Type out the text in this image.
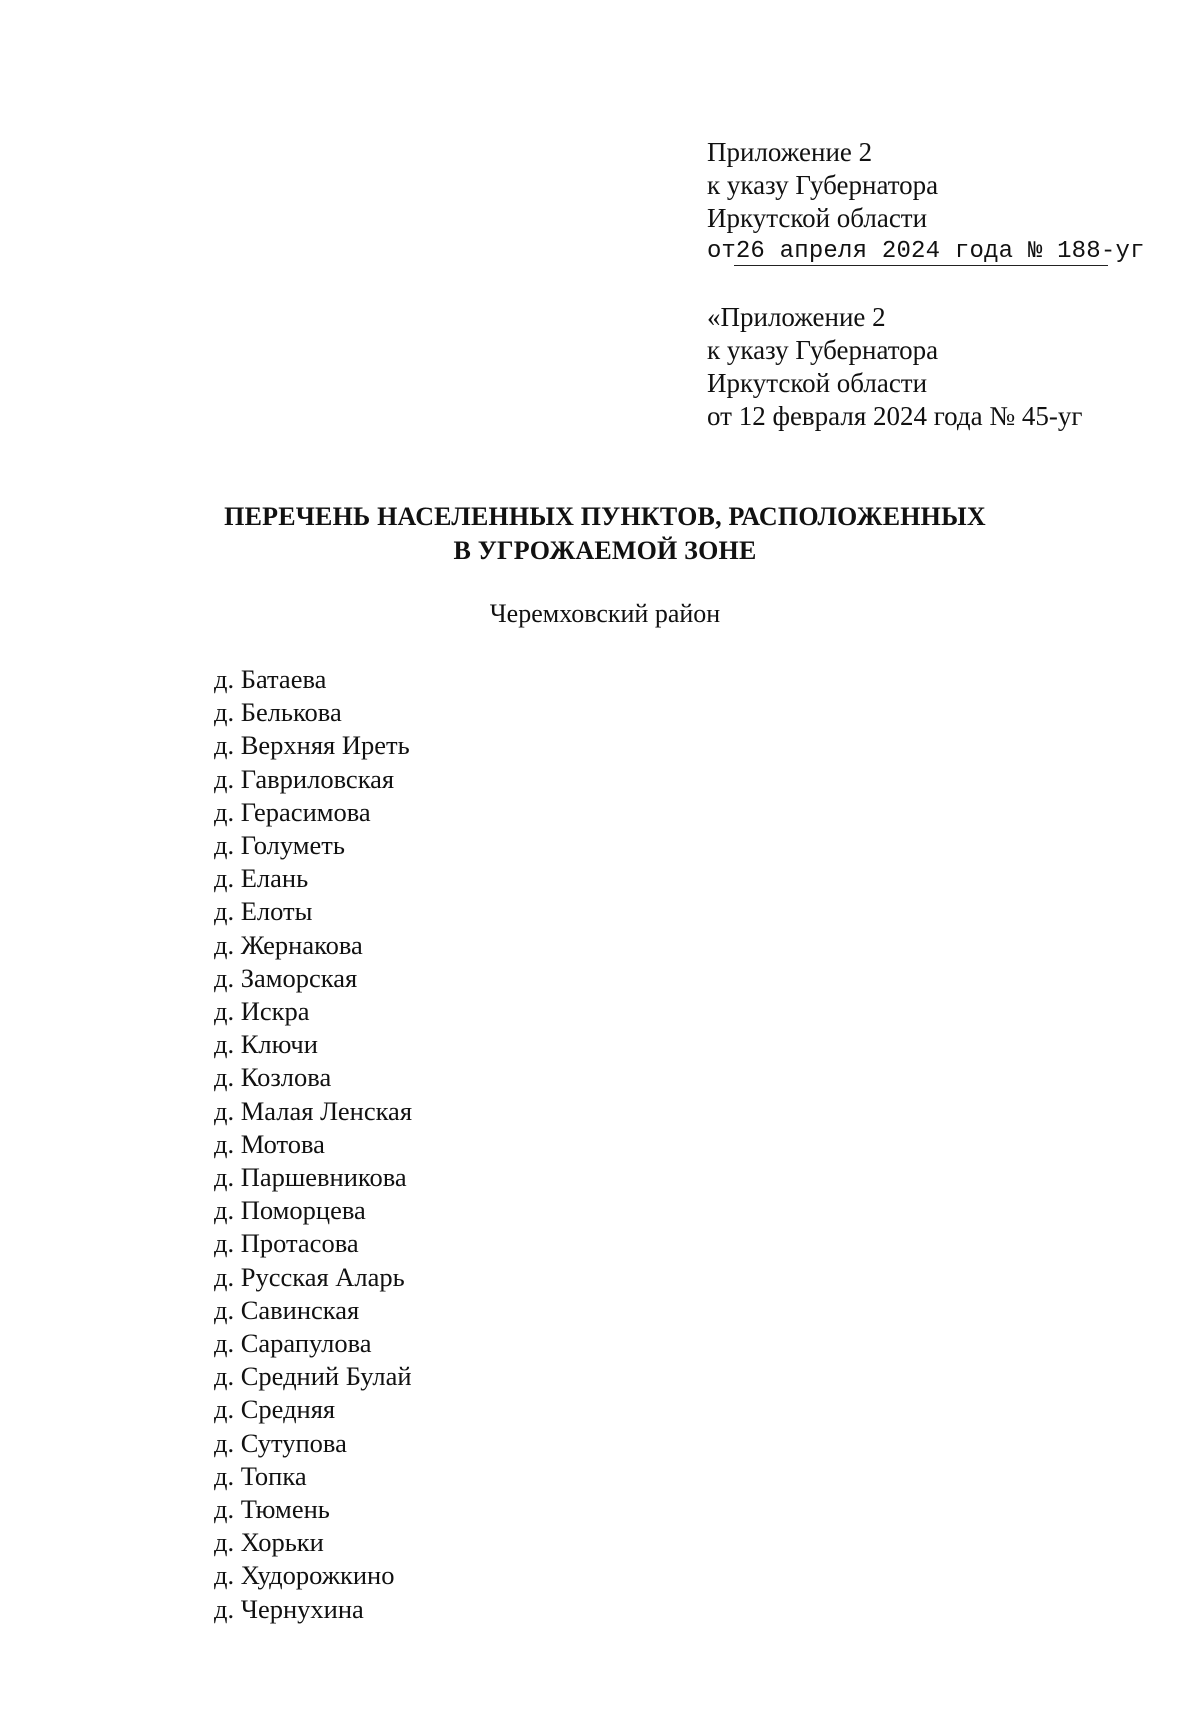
Приложение 2
к указу Губернатора
Иркутской области
от 26 апреля 2024 года № 188-уг
«Приложение 2
к указу Губернатора
Иркутской области
от 12 февраля 2024 года № 45-уг
ПЕРЕЧЕНЬ НАСЕЛЕННЫХ ПУНКТОВ, РАСПОЛОЖЕННЫХ
В УГРОЖАЕМОЙ ЗОНЕ
Черемховский район
д. Батаева
д. Белькова
д. Верхняя Иреть
д. Гавриловская
д. Герасимова
д. Голуметь
д. Елань
д. Елоты
д. Жернакова
д. Заморская
д. Искра
д. Ключи
д. Козлова
д. Малая Ленская
д. Мотова
д. Паршевникова
д. Поморцева
д. Протасова
д. Русская Аларь
д. Савинская
д. Сарапулова
д. Средний Булай
д. Средняя
д. Сутупова
д. Топка
д. Тюмень
д. Хорьки
д. Худорожкино
д. Чернухина
